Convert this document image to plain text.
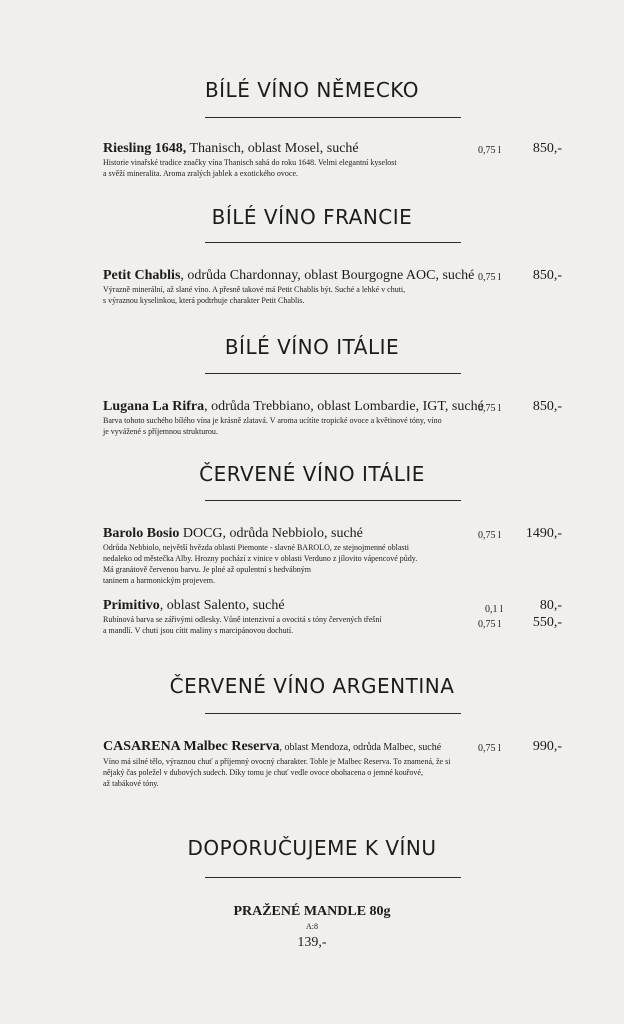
BÍLÉ VÍNO NĚMECKO
Riesling 1648, Thanisch, oblast Mosel, suché
Historie vinařské tradice značky vína Thanisch sahá do roku 1648. Velmi elegantní kyselost
a svěží mineralita. Aroma zralých jablek a exotického ovoce.
0,75 l 850,-
BÍLÉ VÍNO FRANCIE
Petit Chablis, odrůda Chardonnay, oblast Bourgogne AOC, suché
Výrazně minerální, až slané víno. A přesně takové má Petit Chablis být. Suché a lehké v chuti,
s výraznou kyselinkou, která podtrhuje charakter Petit Chablis.
0,75 l 850,-
BÍLÉ VÍNO ITÁLIE
Lugana La Rifra, odrůda Trebbiano, oblast Lombardie, IGT, suché
Barva tohoto suchého bílého vína je krásně zlatavá. V aroma ucítíte tropické ovoce a květinové tóny, víno
je vyvážené s příjemnou strukturou.
0,75 l 850,-
ČERVENÉ VÍNO ITÁLIE
Barolo Bosio DOCG, odrůda Nebbiolo, suché
Odrůda Nebbiolo, největší hvězda oblasti Piemonte - slavné BAROLO, ze stejnojmenné oblasti
nedaleko od městečka Alby. Hrozny pochází z vinice v oblasti Verduno z jílovito vápencové půdy.
Má granátově červenou barvu. Je plné až opulentní s hedvábným
taninem a harmonickým projevem.
0,75 l 1490,-
Primitivo, oblast Salento, suché
Rubínová barva se zářivými odlesky. Vůně intenzivní a ovocitá s tóny červených třešní
a mandlí. V chuti jsou cítit maliny s marcipánovou dochutí.
0,1 l	80,-
0,75 l 550,-
ČERVENÉ VÍNO ARGENTINA
CASARENA Malbec Reserva, oblast Mendoza, odrůda Malbec, suché
Víno má silné tělo, výraznou chuť a příjemný ovocný charakter. Tohle je Malbec Reserva. To znamená, že si
nějaký čas poležel v dubových sudech. Díky tomu je chuť vedle ovoce obohacena o jemné kouřové,
až tabákové tóny.
0,75 l 990,-
DOPORUČUJEME K VÍNU
PRAŽENÉ MANDLE 80g
A:8
139,-
